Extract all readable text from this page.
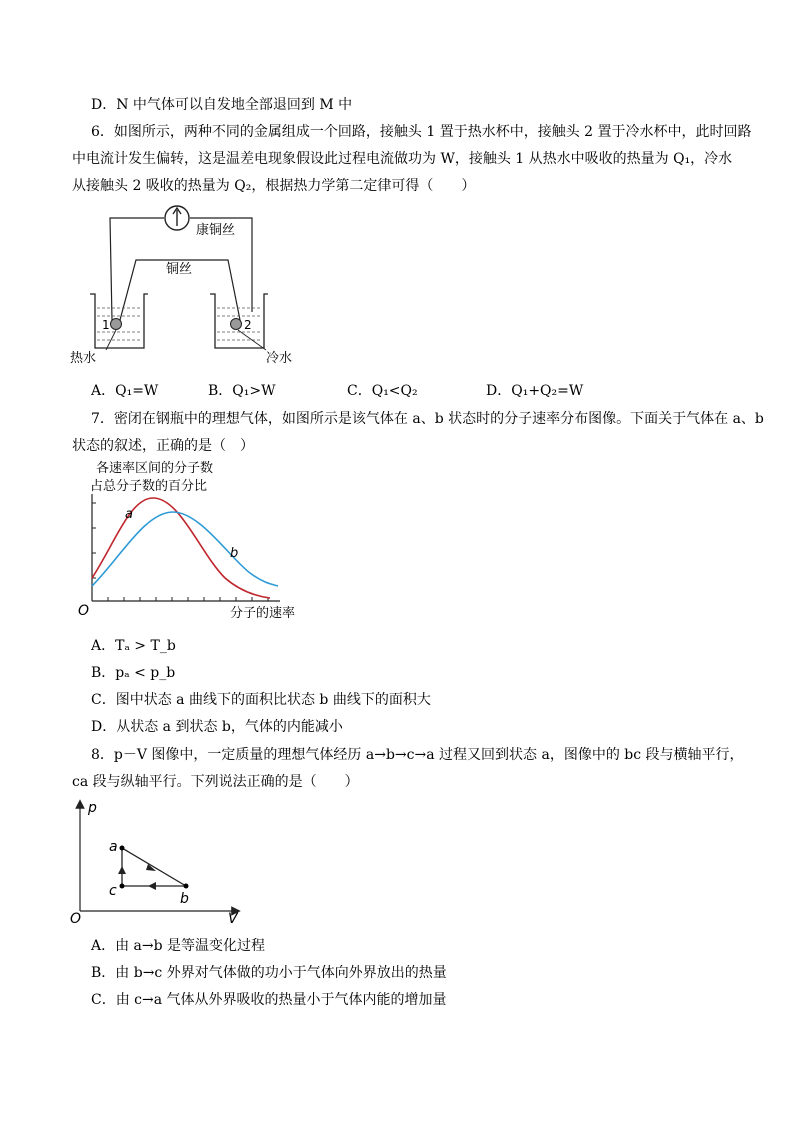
D．N 中气体可以自发地全部退回到 M 中
6．如图所示，两种不同的金属组成一个回路，接触头 1 置于热水杯中，接触头 2 置于冷水杯中，此时回路
中电流计发生偏转，这是温差电现象假设此过程电流做功为 W，接触头 1 从热水中吸收的热量为 Q₁，冷水
从接触头 2 吸收的热量为 Q₂，根据热力学第二定律可得（　　）
康铜丝
铜丝
1	2
热水	冷水
A．Q₁=W	B．Q₁>W	C．Q₁<Q₂	D．Q₁+Q₂=W
7．密闭在钢瓶中的理想气体，如图所示是该气体在 a、b 状态时的分子速率分布图像。下面关于气体在 a、b
状态的叙述，正确的是（　）
各速率区间的分子数
占总分子数的百分比
a
b
O	分子的速率
A．Tₐ > T_b
B．pₐ < p_b
C．图中状态 a 曲线下的面积比状态 b 曲线下的面积大
D．从状态 a 到状态 b，气体的内能减小
8．p－V 图像中，一定质量的理想气体经历 a→b→c→a 过程又回到状态 a，图像中的 bc 段与横轴平行，
ca 段与纵轴平行。下列说法正确的是（　　）
p
V
O
a
b
c
A．由 a→b 是等温变化过程
B．由 b→c 外界对气体做的功小于气体向外界放出的热量
C．由 c→a 气体从外界吸收的热量小于气体内能的增加量
